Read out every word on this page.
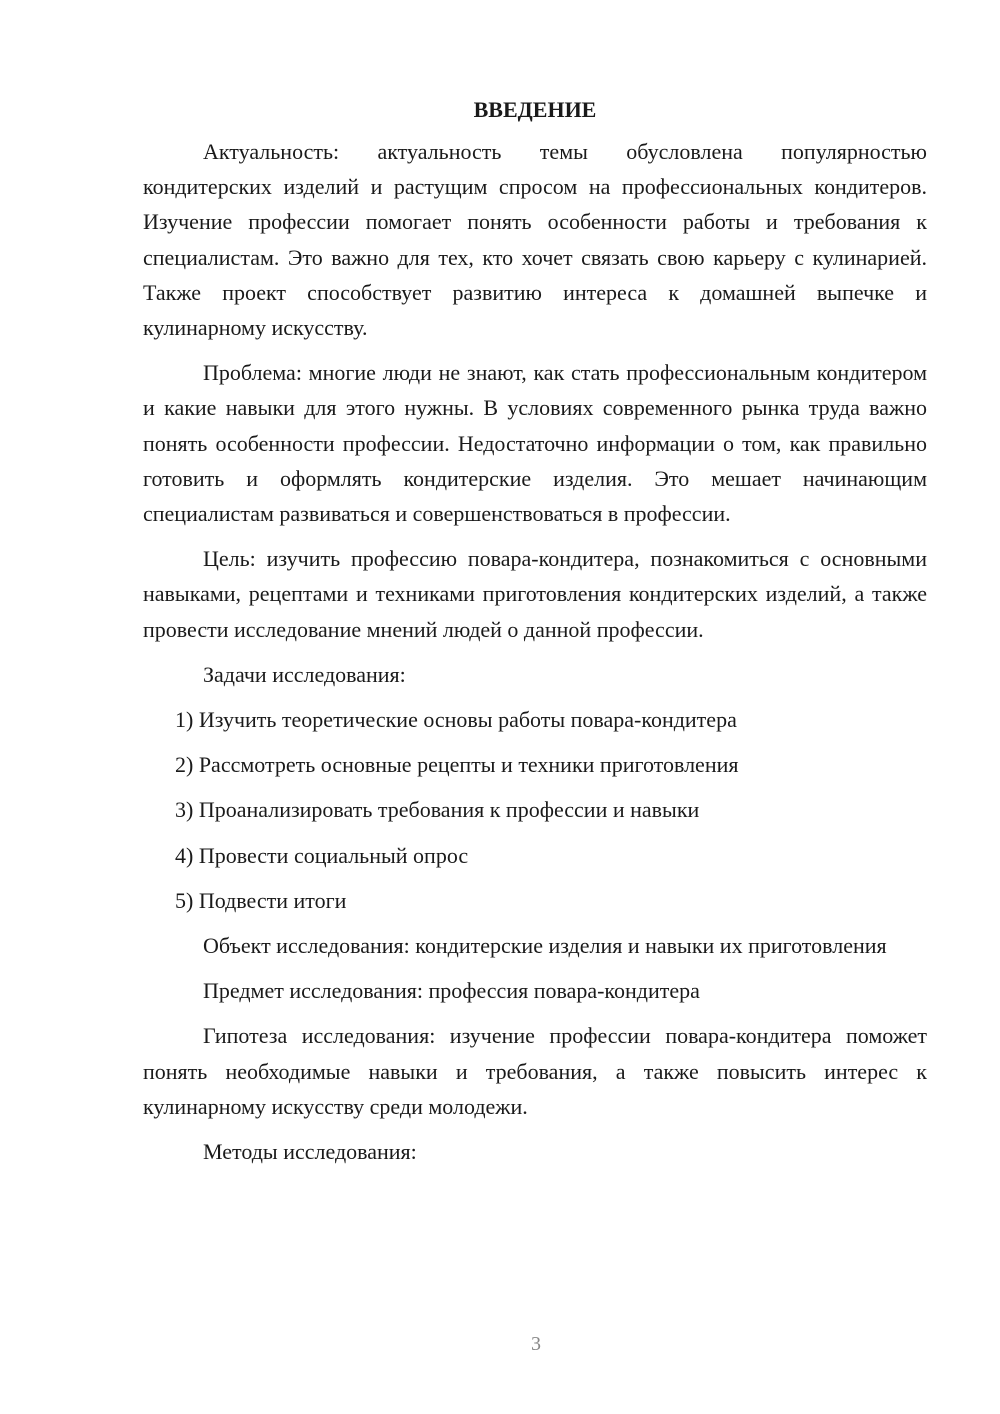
ВВЕДЕНИЕ

Актуальность: актуальность темы обусловлена популярностью кондитерских изделий и растущим спросом на профессиональных кондитеров. Изучение профессии помогает понять особенности работы и требования к специалистам. Это важно для тех, кто хочет связать свою карьеру с кулинарией. Также проект способствует развитию интереса к домашней выпечке и кулинарному искусству.

Проблема: многие люди не знают, как стать профессиональным кондитером и какие навыки для этого нужны. В условиях современного рынка труда важно понять особенности профессии. Недостаточно информации о том, как правильно готовить и оформлять кондитерские изделия. Это мешает начинающим специалистам развиваться и совершенствоваться в профессии.

Цель: изучить профессию повара-кондитера, познакомиться с основными навыками, рецептами и техниками приготовления кондитерских изделий, а также провести исследование мнений людей о данной профессии.

Задачи исследования:

1) Изучить теоретические основы работы повара-кондитера

2) Рассмотреть основные рецепты и техники приготовления

3) Проанализировать требования к профессии и навыки

4) Провести социальный опрос

5) Подвести итоги

Объект исследования: кондитерские изделия и навыки их приготовления

Предмет исследования: профессия повара-кондитера

Гипотеза исследования: изучение профессии повара-кондитера поможет понять необходимые навыки и требования, а также повысить интерес к кулинарному искусству среди молодежи.

Методы исследования:

3
